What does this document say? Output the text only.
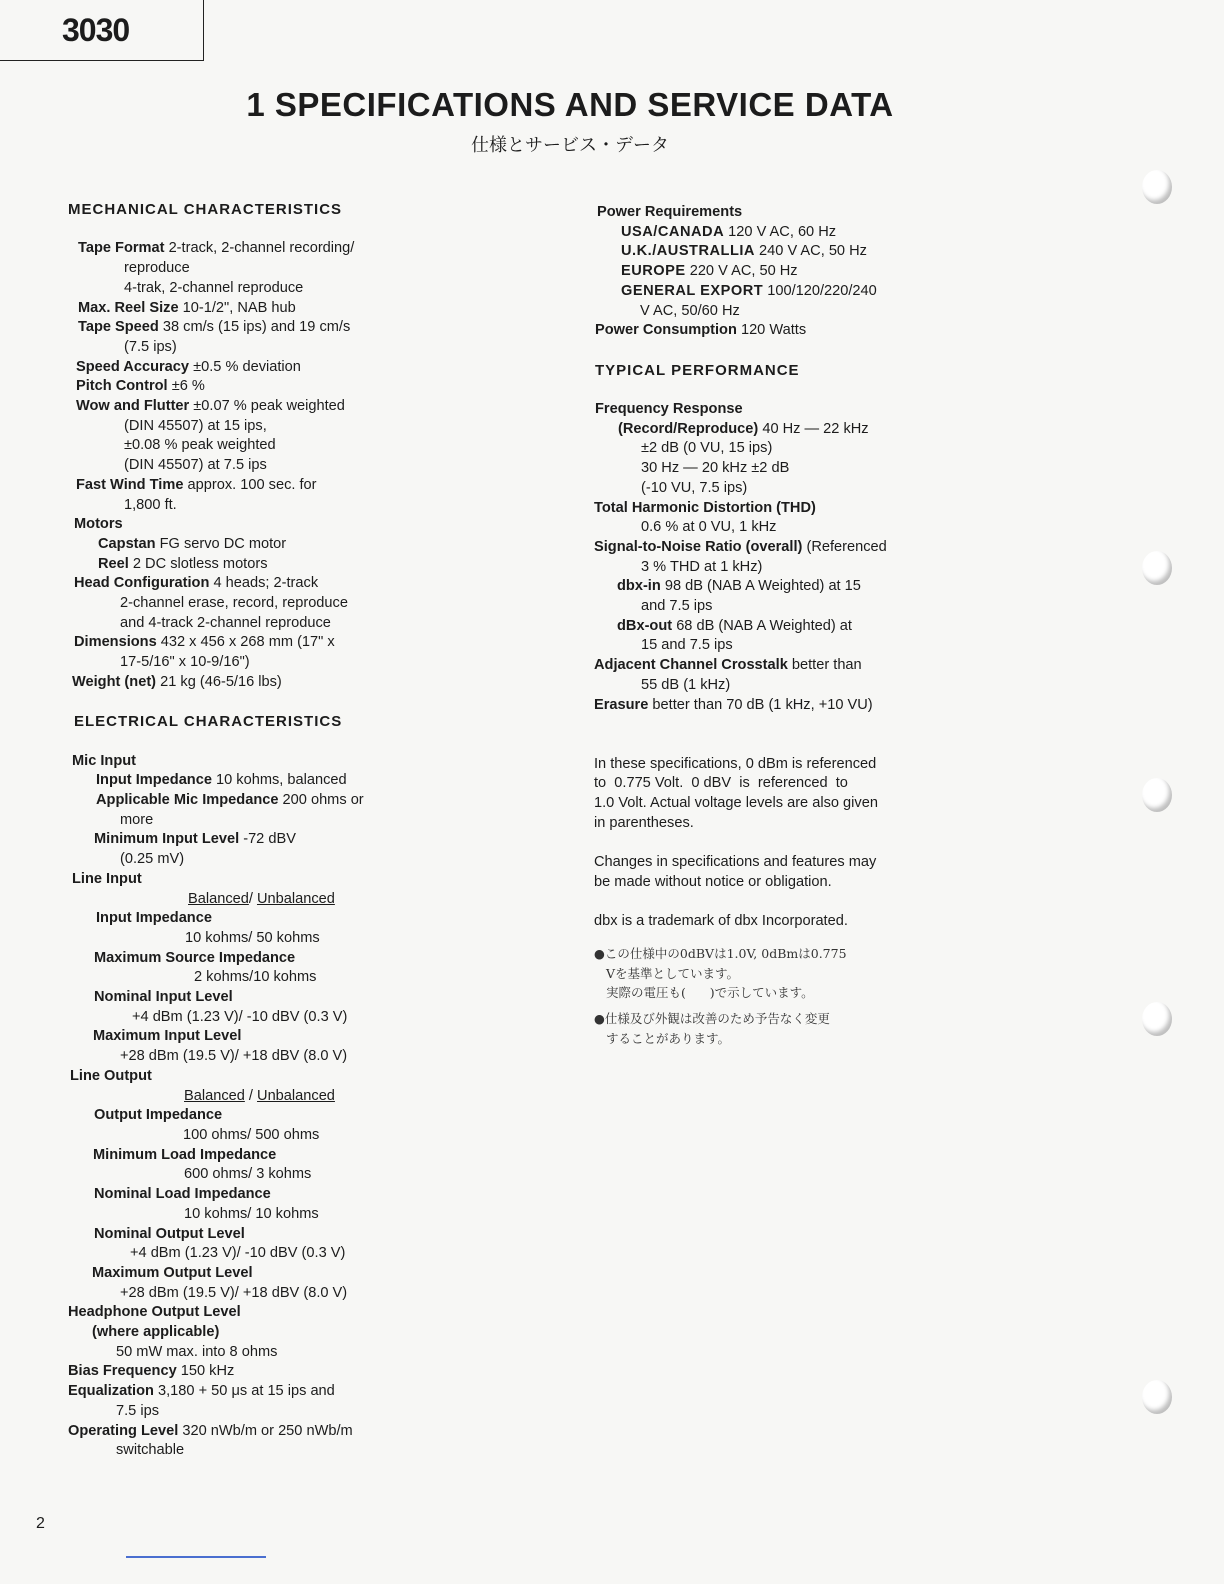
3030
1 SPECIFICATIONS AND SERVICE DATA
仕様とサービス・データ
MECHANICAL CHARACTERISTICS
Tape Format 2-track, 2-channel recording/
reproduce
4-trak, 2-channel reproduce
Max. Reel Size 10-1/2", NAB hub
Tape Speed 38 cm/s (15 ips) and 19 cm/s
(7.5 ips)
Speed Accuracy ±0.5 % deviation
Pitch Control ±6 %
Wow and Flutter ±0.07 % peak weighted
(DIN 45507) at 15 ips,
±0.08 % peak weighted
(DIN 45507) at 7.5 ips
Fast Wind Time approx. 100 sec. for
1,800 ft.
Motors
Capstan FG servo DC motor
Reel 2 DC slotless motors
Head Configuration 4 heads; 2-track
2-channel erase, record, reproduce
and 4-track 2-channel reproduce
Dimensions 432 x 456 x 268 mm (17" x
17-5/16" x 10-9/16")
Weight (net) 21 kg (46-5/16 lbs)
ELECTRICAL CHARACTERISTICS
Mic Input
Input Impedance 10 kohms, balanced
Applicable Mic Impedance 200 ohms or
more
Minimum Input Level -72 dBV
(0.25 mV)
Line Input
Balanced/ Unbalanced
Input Impedance
10 kohms/ 50 kohms
Maximum Source Impedance
2 kohms/10 kohms
Nominal Input Level
+4 dBm (1.23 V)/ -10 dBV (0.3 V)
Maximum Input Level
+28 dBm (19.5 V)/ +18 dBV (8.0 V)
Line Output
Balanced / Unbalanced
Output Impedance
100 ohms/ 500 ohms
Minimum Load Impedance
600 ohms/ 3 kohms
Nominal Load Impedance
10 kohms/ 10 kohms
Nominal Output Level
+4 dBm (1.23 V)/ -10 dBV (0.3 V)
Maximum Output Level
+28 dBm (19.5 V)/ +18 dBV (8.0 V)
Headphone Output Level
(where applicable)
50 mW max. into 8 ohms
Bias Frequency 150 kHz
Equalization 3,180 + 50 μs at 15 ips and
7.5 ips
Operating Level 320 nWb/m or 250 nWb/m
switchable
Power Requirements
USA/CANADA 120 V AC, 60 Hz
U.K./AUSTRALLIA 240 V AC, 50 Hz
EUROPE 220 V AC, 50 Hz
GENERAL EXPORT 100/120/220/240
V AC, 50/60 Hz
Power Consumption 120 Watts
TYPICAL PERFORMANCE
Frequency Response
(Record/Reproduce) 40 Hz — 22 kHz
±2 dB (0 VU, 15 ips)
30 Hz — 20 kHz ±2 dB
(-10 VU, 7.5 ips)
Total Harmonic Distortion (THD)
0.6 % at 0 VU, 1 kHz
Signal-to-Noise Ratio (overall) (Referenced
3 % THD at 1 kHz)
dbx-in 98 dB (NAB A Weighted) at 15
and 7.5 ips
dBx-out 68 dB (NAB A Weighted) at
15 and 7.5 ips
Adjacent Channel Crosstalk better than
55 dB (1 kHz)
Erasure better than 70 dB (1 kHz, +10 VU)
In these specifications, 0 dBm is referenced
to  0.775 Volt.  0 dBV  is  referenced  to
1.0 Volt. Actual voltage levels are also given
in parentheses.
Changes in specifications and features may
be made without notice or obligation.
dbx is a trademark of dbx Incorporated.
●この仕様中の0dBVは1.0V, 0dBmは0.775
Vを基準としています。
実際の電圧も(      )で示しています。
●仕様及び外観は改善のため予告なく変更
することがあります。
2
